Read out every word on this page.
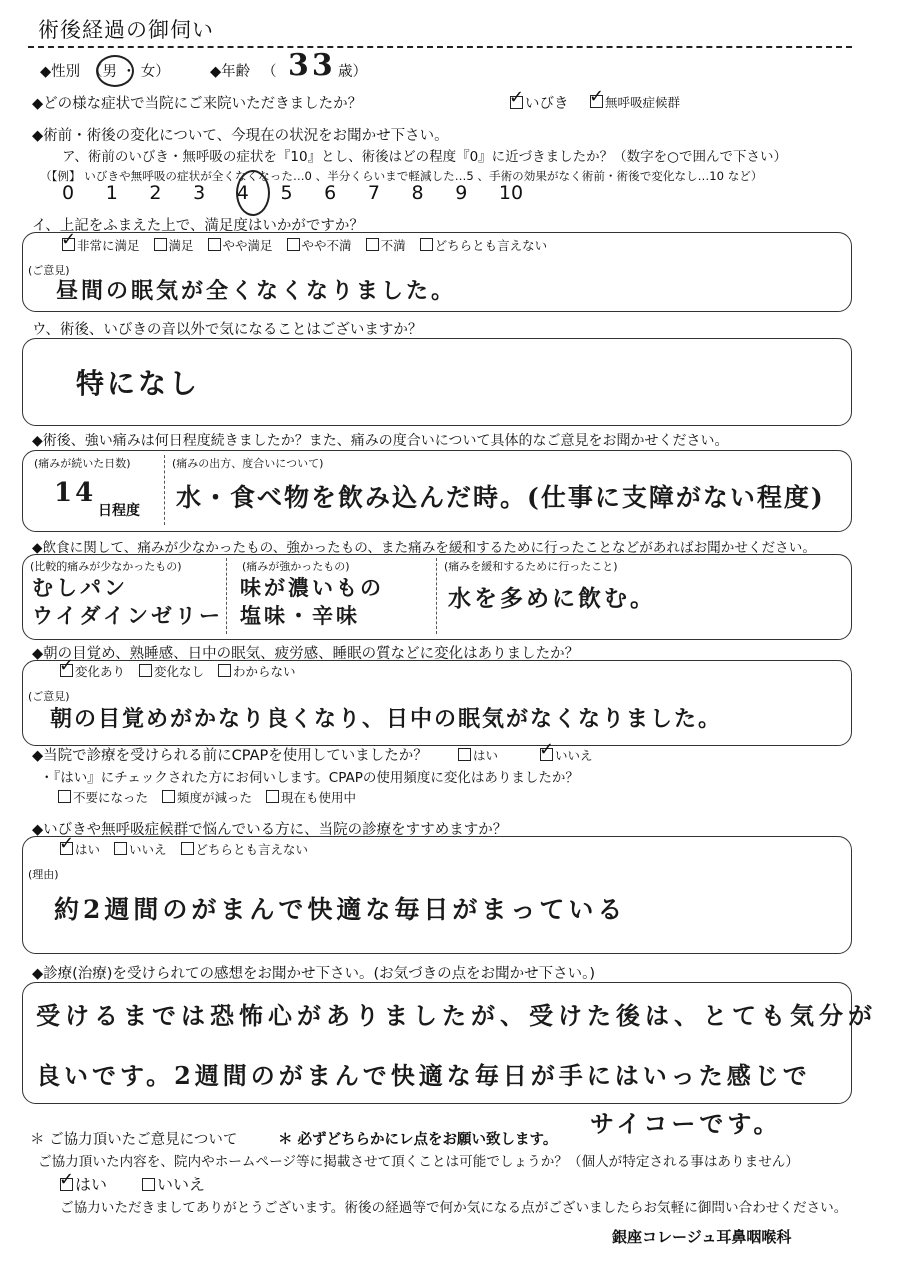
術後経過の御伺い
◆性別 （男 ・ 女）	◆年齢 （ 33 歳）
◆どの様な症状で当院にご来院いただきましたか？ ✓	いびき ✓	無呼吸症候群
◆術前・術後の変化について、今現在の状況をお聞かせ下さい。
ア、術前のいびき・無呼吸の症状を『10』とし、術後はどの程度『0』に近づきましたか？（数字を○で囲んで下さい）
（【例】 いびきや無呼吸の症状が全くなくなった…0 、半分くらいまで軽減した…5 、手術の効果がなく術前・術後で変化なし…10 など）
0 1 2 3 4 5 6 7 8 9 10
イ、上記をふまえた上で、満足度はいかがですか？
✓非常に満足 満足 やや満足 やや不満 不満 どちらとも言えない
(ご意見)
昼間の眠気が全くなくなりました。
ウ、術後、いびきの音以外で気になることはございますか？
特になし
◆術後、強い痛みは何日程度続きましたか？また、痛みの度合いについて具体的なご意見をお聞かせください。
(痛みが続いた日数)
14
日程度
(痛みの出方、度合いについて)
水・食べ物を飲み込んだ時。(仕事に支障がない程度)
◆飲食に関して、痛みが少なかったもの、強かったもの、また痛みを緩和するために行ったことなどがあればお聞かせください。
(比較的痛みが少なかったもの)
むしパン
ウイダインゼリー
(痛みが強かったもの)
味が濃いもの
塩味・辛味
(痛みを緩和するために行ったこと)
水を多めに飲む。
◆朝の目覚め、熟睡感、日中の眠気、疲労感、睡眠の質などに変化はありましたか？
✓変化あり 変化なし わからない
(ご意見)
朝の目覚めがかなり良くなり、日中の眠気がなくなりました。
◆当院で診療を受けられる前にCPAPを使用していましたか？	はい ✓	いいえ
・『はい』にチェックされた方にお伺いします。CPAPの使用頻度に変化はありましたか？
不要になった 頻度が減った 現在も使用中
◆いびきや無呼吸症候群で悩んでいる方に、当院の診療をすすめますか？
✓はい いいえ どちらとも言えない
(理由)
約2週間のがまんで快適な毎日がまっている
◆診療(治療)を受けられての感想をお聞かせ下さい。(お気づきの点をお聞かせ下さい。)
受けるまでは恐怖心がありましたが、受けた後は、とても気分が
良いです。2週間のがまんで快適な毎日が手にはいった感じで
サイコーです。
＊ ご協力頂いたご意見について	＊ 必ずどちらかにレ点をお願い致します。
ご協力頂いた内容を、院内やホームページ等に掲載させて頂くことは可能でしょうか？（個人が特定される事はありません）
✓はい	いいえ
ご協力いただきましてありがとうございます。術後の経過等で何か気になる点がございましたらお気軽に御問い合わせください。
銀座コレージュ耳鼻咽喉科
